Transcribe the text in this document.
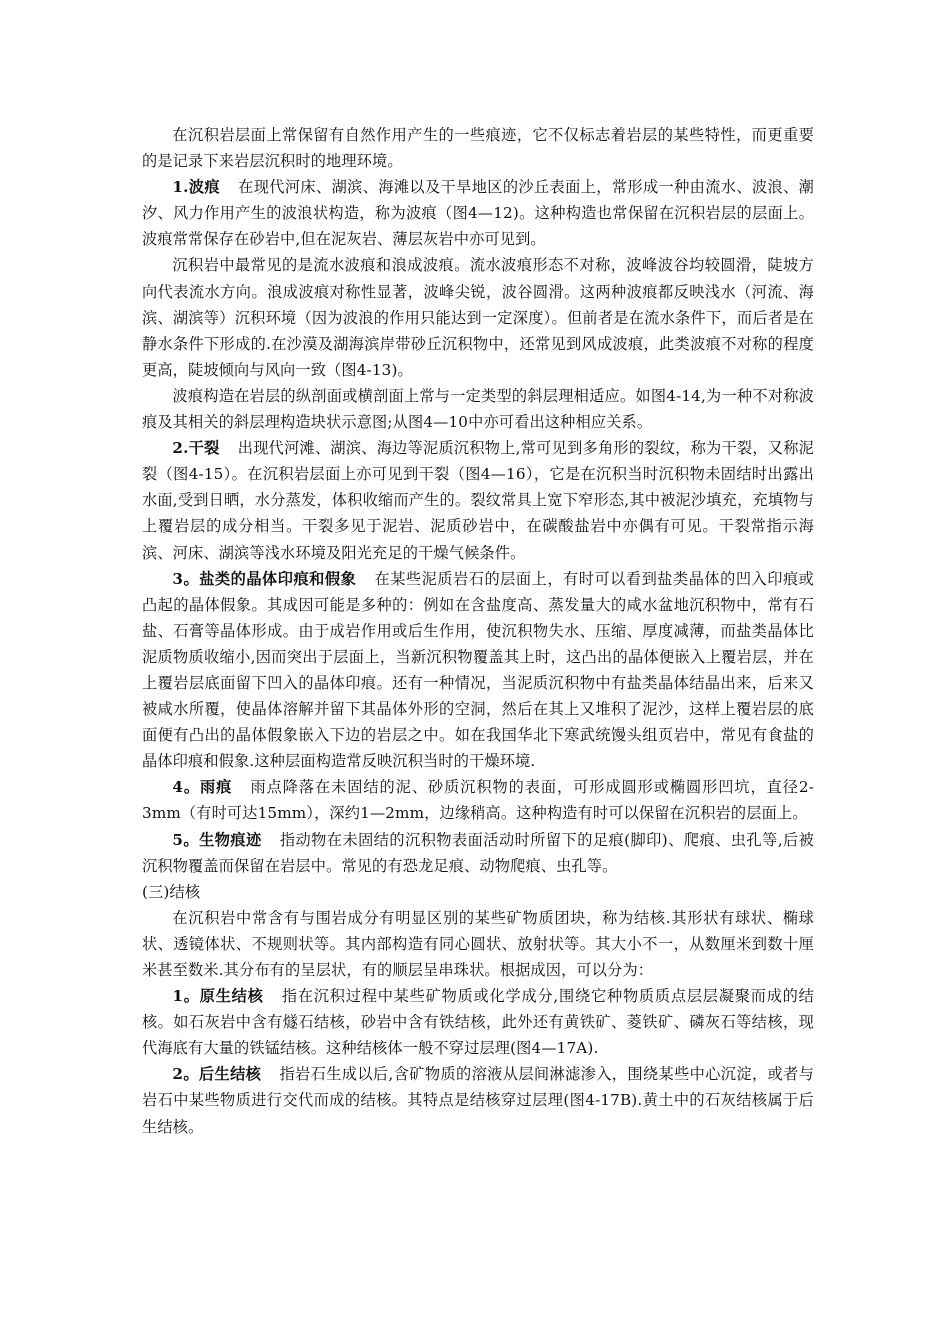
在沉积岩层面上常保留有自然作用产生的一些痕迹，它不仅标志着岩层的某些特性，而更重要的是记录下来岩层沉积时的地理环境。

1.波痕 在现代河床、湖滨、海滩以及干旱地区的沙丘表面上，常形成一种由流水、波浪、潮汐、风力作用产生的波浪状构造，称为波痕（图4—12)。这种构造也常保留在沉积岩层的层面上。波痕常常保存在砂岩中,但在泥灰岩、薄层灰岩中亦可见到。

沉积岩中最常见的是流水波痕和浪成波痕。流水波痕形态不对称，波峰波谷均较圆滑，陡坡方向代表流水方向。浪成波痕对称性显著，波峰尖锐，波谷圆滑。这两种波痕都反映浅水（河流、海滨、湖滨等）沉积环境（因为波浪的作用只能达到一定深度）。但前者是在流水条件下，而后者是在静水条件下形成的.在沙漠及湖海滨岸带砂丘沉积物中，还常见到风成波痕，此类波痕不对称的程度更高，陡坡倾向与风向一致（图4-13)。

波痕构造在岩层的纵剖面或横剖面上常与一定类型的斜层理相适应。如图4-14,为一种不对称波痕及其相关的斜层理构造块状示意图;从图4—10中亦可看出这种相应关系。

2.干裂 出现代河滩、湖滨、海边等泥质沉积物上,常可见到多角形的裂纹，称为干裂，又称泥裂（图4-15）。在沉积岩层面上亦可见到干裂（图4—16），它是在沉积当时沉积物未固结时出露出水面,受到日晒，水分蒸发，体积收缩而产生的。裂纹常具上宽下窄形态,其中被泥沙填充，充填物与上覆岩层的成分相当。干裂多见于泥岩、泥质砂岩中，在碳酸盐岩中亦偶有可见。干裂常指示海滨、河床、湖滨等浅水环境及阳光充足的干燥气候条件。

3。盐类的晶体印痕和假象 在某些泥质岩石的层面上，有时可以看到盐类晶体的凹入印痕或凸起的晶体假象。其成因可能是多种的：例如在含盐度高、蒸发量大的咸水盆地沉积物中，常有石盐、石膏等晶体形成。由于成岩作用或后生作用，使沉积物失水、压缩、厚度减薄，而盐类晶体比泥质物质收缩小,因而突出于层面上，当新沉积物覆盖其上时，这凸出的晶体便嵌入上覆岩层，并在上覆岩层底面留下凹入的晶体印痕。还有一种情况，当泥质沉积物中有盐类晶体结晶出来，后来又被咸水所覆，使晶体溶解并留下其晶体外形的空洞，然后在其上又堆积了泥沙，这样上覆岩层的底面便有凸出的晶体假象嵌入下边的岩层之中。如在我国华北下寒武统馒头组页岩中，常见有食盐的晶体印痕和假象.这种层面构造常反映沉积当时的干燥环境.

4。雨痕 雨点降落在未固结的泥、砂质沉积物的表面，可形成圆形或椭圆形凹坑，直径2-3mm（有时可达15mm），深约1—2mm，边缘稍高。这种构造有时可以保留在沉积岩的层面上。

5。生物痕迹 指动物在未固结的沉积物表面活动时所留下的足痕(脚印)、爬痕、虫孔等,后被沉积物覆盖而保留在岩层中。常见的有恐龙足痕、动物爬痕、虫孔等。

(三)结核

在沉积岩中常含有与围岩成分有明显区别的某些矿物质团块，称为结核.其形状有球状、椭球状、透镜体状、不规则状等。其内部构造有同心圆状、放射状等。其大小不一，从数厘米到数十厘米甚至数米.其分布有的呈层状，有的顺层呈串珠状。根据成因，可以分为：

1。原生结核 指在沉积过程中某些矿物质或化学成分,围绕它种物质质点层层凝聚而成的结核。如石灰岩中含有燧石结核，砂岩中含有铁结核，此外还有黄铁矿、菱铁矿、磷灰石等结核，现代海底有大量的铁锰结核。这种结核体一般不穿过层理(图4—17A).

2。后生结核 指岩石生成以后,含矿物质的溶液从层间淋滤渗入，围绕某些中心沉淀，或者与岩石中某些物质进行交代而成的结核。其特点是结核穿过层理(图4-17B).黄土中的石灰结核属于后生结核。
